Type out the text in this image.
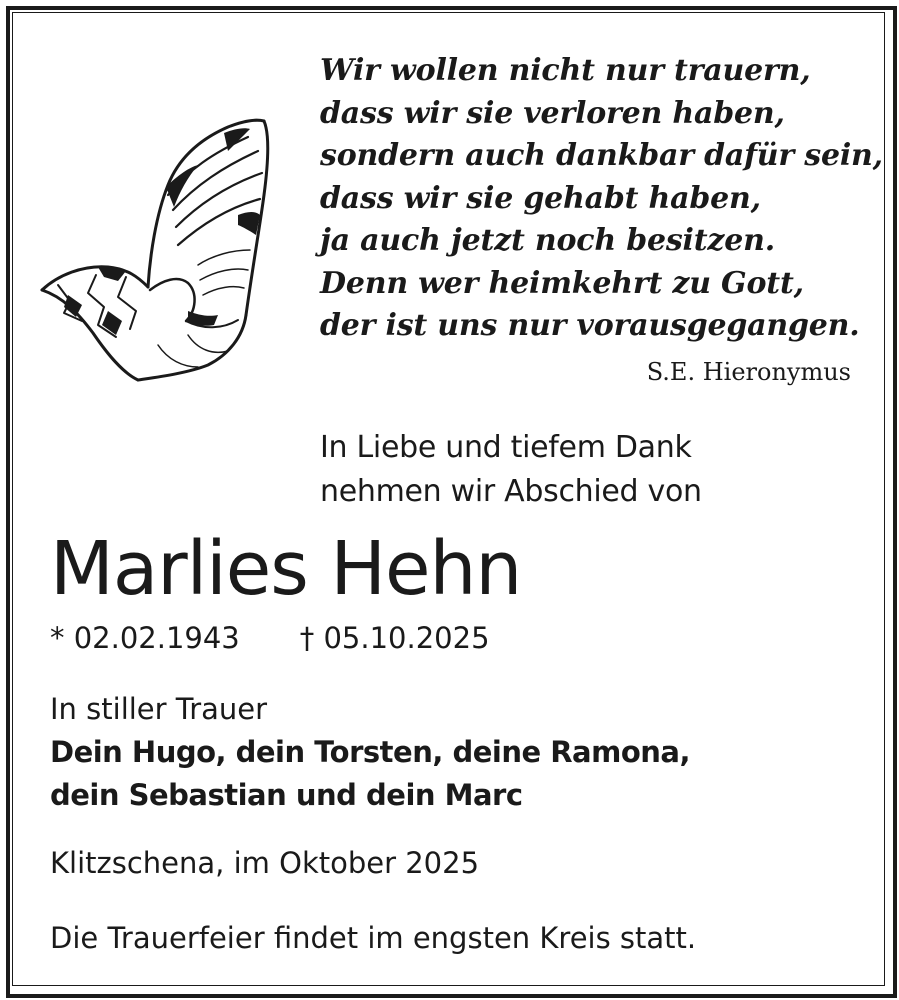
Wir wollen nicht nur trauern,
dass wir sie verloren haben,
sondern auch dankbar dafür sein,
dass wir sie gehabt haben,
ja auch jetzt noch besitzen.
Denn wer heimkehrt zu Gott,
der ist uns nur vorausgegangen.
S.E. Hieronymus
In Liebe und tiefem Dank
nehmen wir Abschied von
Marlies Hehn
* 02.02.1943 † 05.10.2025
In stiller Trauer
Dein Hugo, dein Torsten, deine Ramona,
dein Sebastian und dein Marc
Klitzschena, im Oktober 2025
Die Trauerfeier findet im engsten Kreis statt.
